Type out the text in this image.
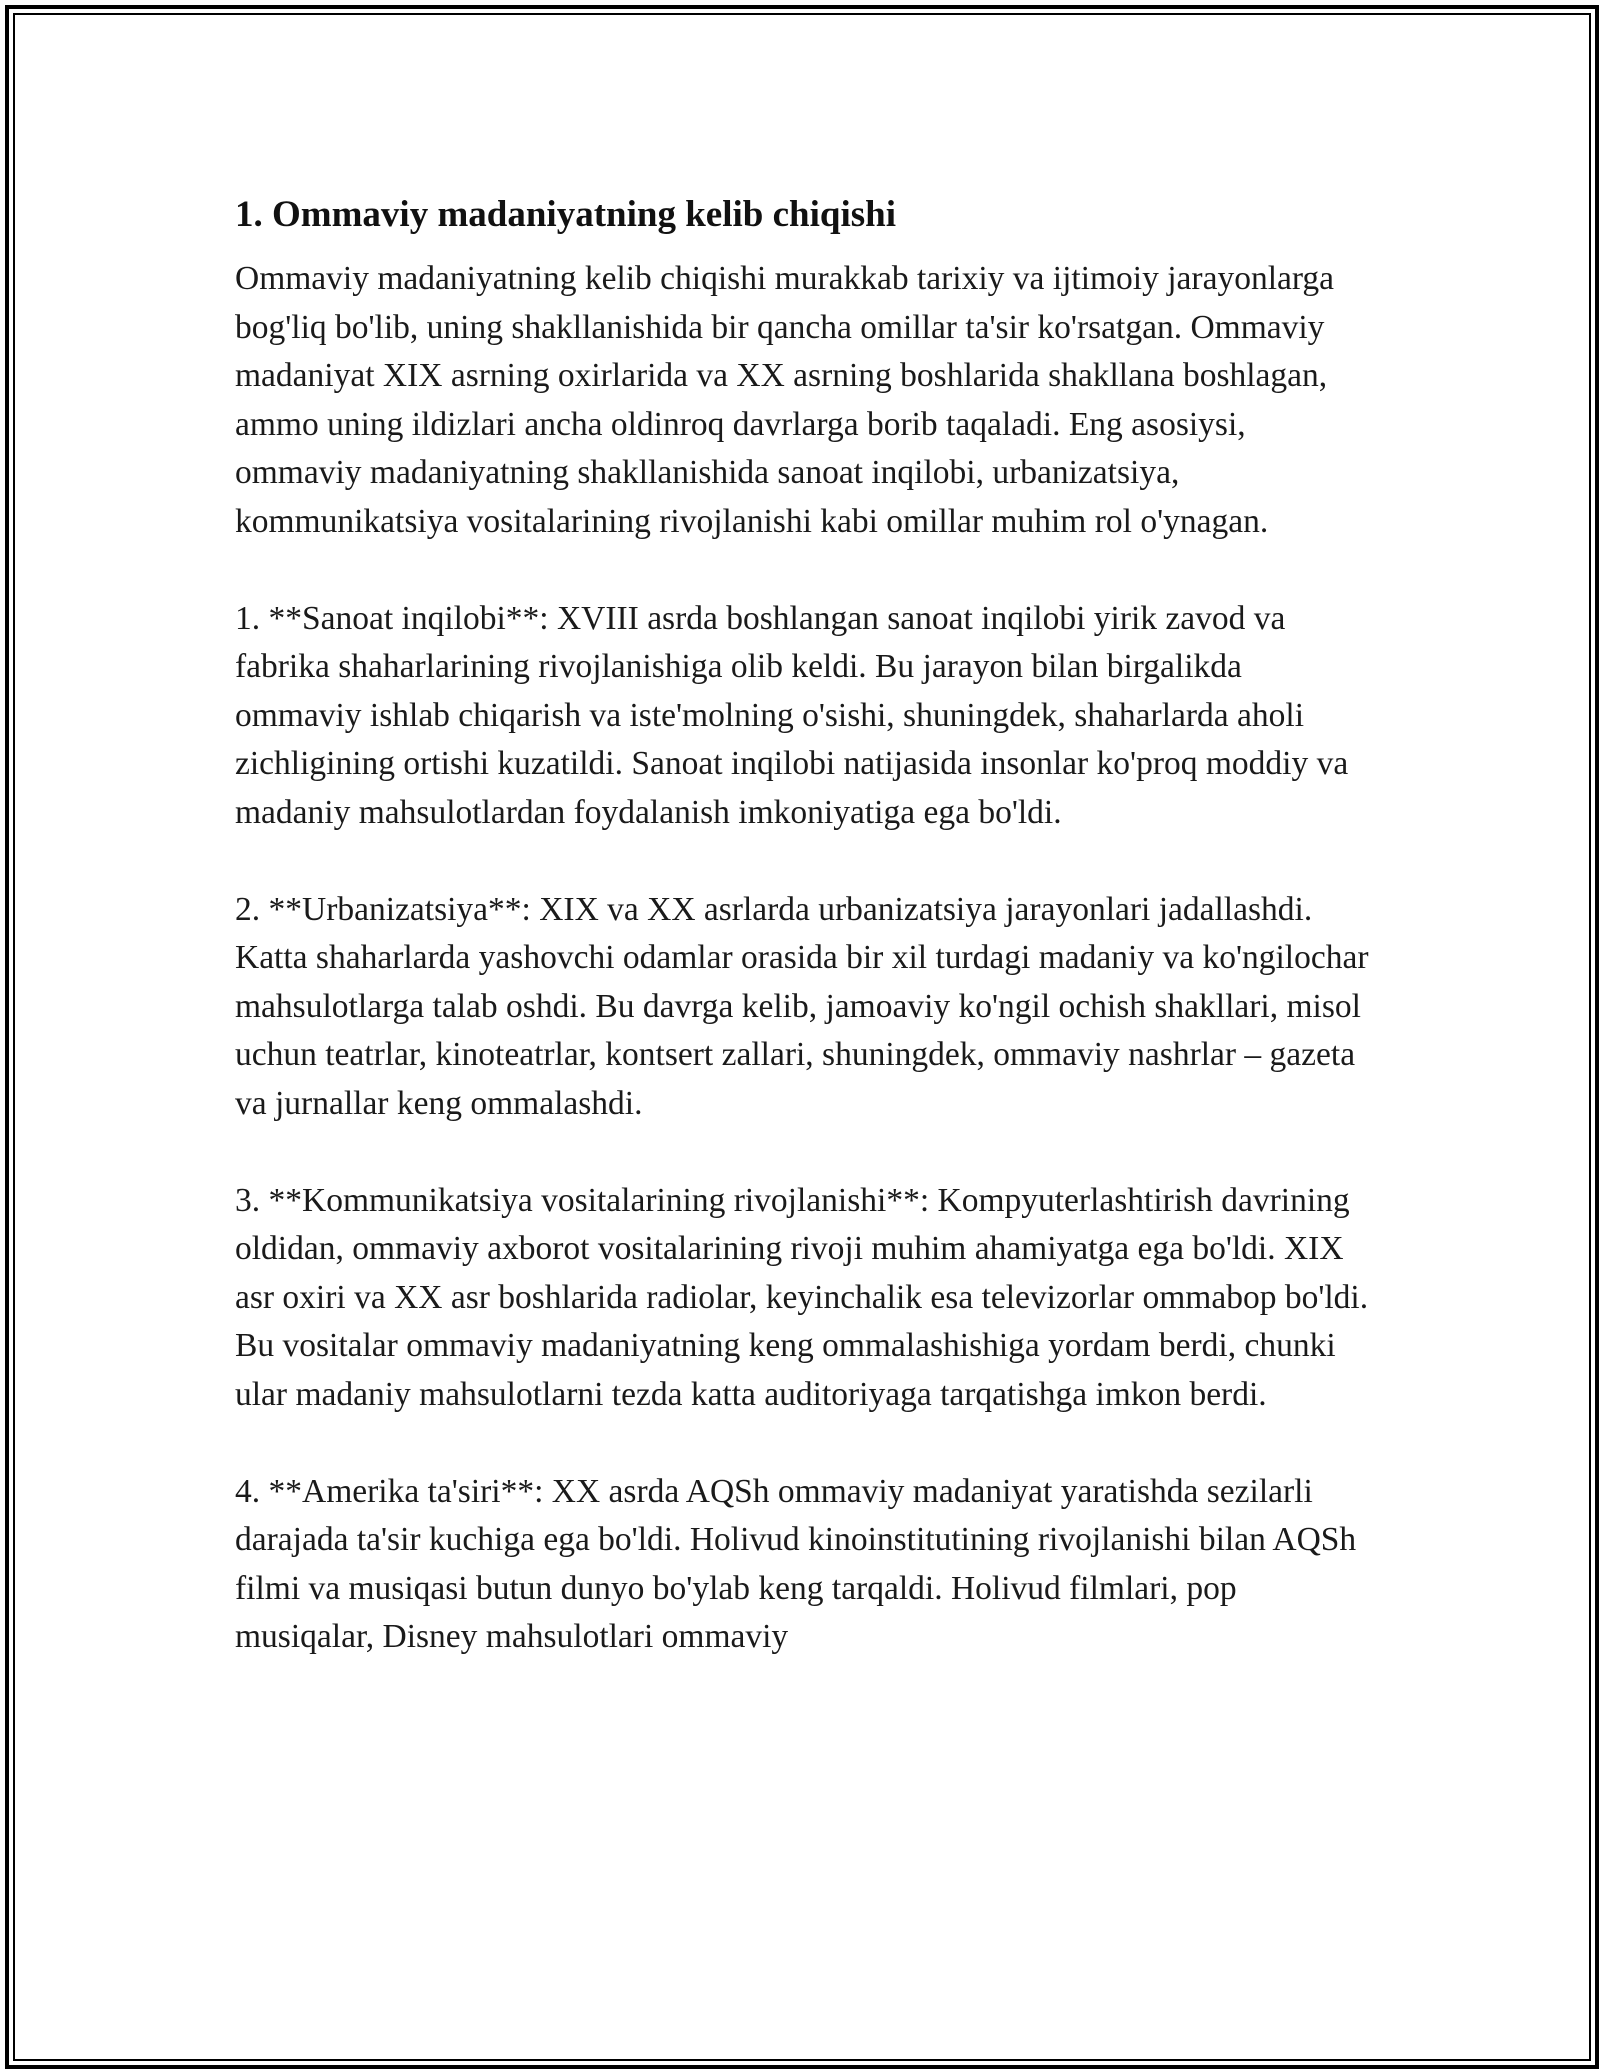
1. Ommaviy madaniyatning kelib chiqishi

Ommaviy madaniyatning kelib chiqishi murakkab tarixiy va ijtimoiy jarayonlarga bog'liq bo'lib, uning shakllanishida bir qancha omillar ta'sir ko'rsatgan. Ommaviy madaniyat XIX asrning oxirlarida va XX asrning boshlarida shakllana boshlagan, ammo uning ildizlari ancha oldinroq davrlarga borib taqaladi. Eng asosiysi, ommaviy madaniyatning shakllanishida sanoat inqilobi, urbanizatsiya, kommunikatsiya vositalarining rivojlanishi kabi omillar muhim rol o'ynagan.

1. **Sanoat inqilobi**: XVIII asrda boshlangan sanoat inqilobi yirik zavod va fabrika shaharlarining rivojlanishiga olib keldi. Bu jarayon bilan birgalikda ommaviy ishlab chiqarish va iste'molning o'sishi, shuningdek, shaharlarda aholi zichligining ortishi kuzatildi. Sanoat inqilobi natijasida insonlar ko'proq moddiy va madaniy mahsulotlardan foydalanish imkoniyatiga ega bo'ldi.

2. **Urbanizatsiya**: XIX va XX asrlarda urbanizatsiya jarayonlari jadallashdi. Katta shaharlarda yashovchi odamlar orasida bir xil turdagi madaniy va ko'ngilochar mahsulotlarga talab oshdi. Bu davrga kelib, jamoaviy ko'ngil ochish shakllari, misol uchun teatrlar, kinoteatrlar, kontsert zallari, shuningdek, ommaviy nashrlar – gazeta va jurnallar keng ommalashdi.

3. **Kommunikatsiya vositalarining rivojlanishi**: Kompyuterlashtirish davrining oldidan, ommaviy axborot vositalarining rivoji muhim ahamiyatga ega bo'ldi. XIX asr oxiri va XX asr boshlarida radiolar, keyinchalik esa televizorlar ommabop bo'ldi. Bu vositalar ommaviy madaniyatning keng ommalashishiga yordam berdi, chunki ular madaniy mahsulotlarni tezda katta auditoriyaga tarqatishga imkon berdi.

4. **Amerika ta'siri**: XX asrda AQSh ommaviy madaniyat yaratishda sezilarli darajada ta'sir kuchiga ega bo'ldi. Holivud kinoinstitutining rivojlanishi bilan AQSh filmi va musiqasi butun dunyo bo'ylab keng tarqaldi. Holivud filmlari, pop musiqalar, Disney mahsulotlari ommaviy
